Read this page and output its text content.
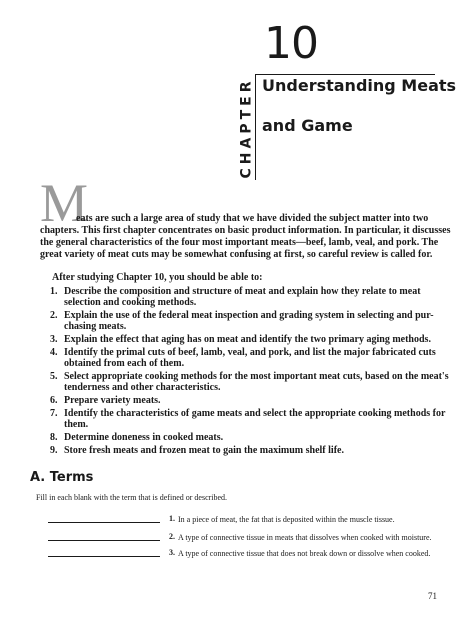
10
CHAPTER Understanding Meats
and Game
M
eats are such a large area of study that we have divided the subject matter into two
chapters. This first chapter concentrates on basic product information. In particular, it discusses
the general characteristics of the four most important meats—beef, lamb, veal, and pork. The
great variety of meat cuts may be somewhat confusing at first, so careful review is called for.
After studying Chapter 10, you should be able to:
1. Describe the composition and structure of meat and explain how they relate to meat
selection and cooking methods.
2. Explain the use of the federal meat inspection and grading system in selecting and pur-
chasing meats.
3. Explain the effect that aging has on meat and identify the two primary aging methods.
4. Identify the primal cuts of beef, lamb, veal, and pork, and list the major fabricated cuts
obtained from each of them.
5. Select appropriate cooking methods for the most important meat cuts, based on the meat's
tenderness and other characteristics.
6. Prepare variety meats.
7. Identify the characteristics of game meats and select the appropriate cooking methods for
them.
8. Determine doneness in cooked meats.
9. Store fresh meats and frozen meat to gain the maximum shelf life.
A. Terms
Fill in each blank with the term that is defined or described.
1. In a piece of meat, the fat that is deposited within the muscle tissue.
2. A type of connective tissue in meats that dissolves when cooked with moisture.
3. A type of connective tissue that does not break down or dissolve when cooked.
71
